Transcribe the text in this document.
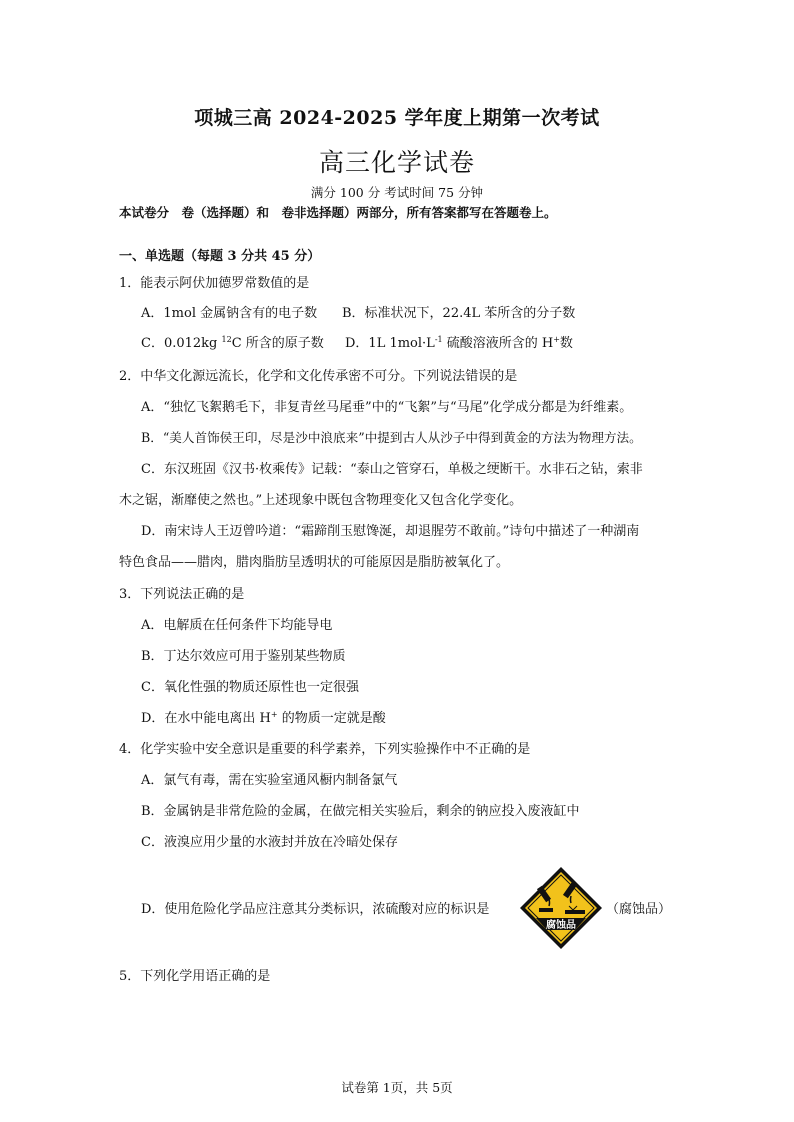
项城三高 2024-2025 学年度上期第一次考试
高三化学试卷
满分 100 分 考试时间 75 分钟
本试卷分　卷（选择题）和　卷非选择题）两部分，所有答案都写在答题卷上。
一、单选题（每题 3 分共 45 分）
1．能表示阿伏加德罗常数值的是
A．1mol 金属钠含有的电子数 B．标准状况下，22.4L 苯所含的分子数
C．0.012kg $^{12}$C 所含的原子数 D．1L $1mol\cdot L^{-1}$ 硫酸溶液所含的 H+数
2．中华文化源远流长，化学和文化传承密不可分。下列说法错误的是
A．“独忆飞絮鹅毛下，非复青丝马尾垂”中的“飞絮”与“马尾”化学成分都是为纤维素。
B．“美人首饰侯王印，尽是沙中浪底来”中提到古人从沙子中得到黄金的方法为物理方法。
C．东汉班固《汉书·枚乘传》记载：“泰山之管穿石，单极之绠断干。水非石之钻，索非
木之锯，渐靡使之然也。”上述现象中既包含物理变化又包含化学变化。
D．南宋诗人王迈曾吟道：“霜蹄削玉慰馋涎，却退腥劳不敢前。”诗句中描述了一种湖南
特色食品——腊肉，腊肉脂肪呈透明状的可能原因是脂肪被氧化了。
3．下列说法正确的是
A．电解质在任何条件下均能导电
B．丁达尔效应可用于鉴别某些物质
C．氧化性强的物质还原性也一定很强
D．在水中能电离出 H+ 的物质一定就是酸
4．化学实验中安全意识是重要的科学素养，下列实验操作中不正确的是
A．氯气有毒，需在实验室通风橱内制备氯气
B．金属钠是非常危险的金属，在做完相关实验后，剩余的钠应投入废液缸中
C．液溴应用少量的水液封并放在冷暗处保存
D．使用危险化学品应注意其分类标识，浓硫酸对应的标识是
腐蚀品
（腐蚀品）
5．下列化学用语正确的是
试卷第 1页，共 5页
